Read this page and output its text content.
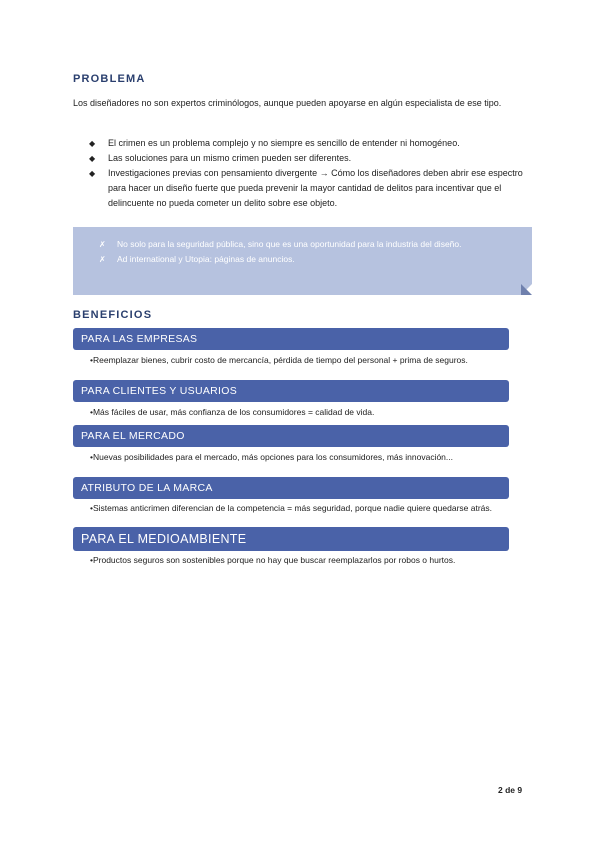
PROBLEMA
Los diseñadores no son expertos criminólogos, aunque pueden apoyarse en algún especialista de ese tipo.
◆ El crimen es un problema complejo y no siempre es sencillo de entender ni homogéneo.
◆ Las soluciones para un mismo crimen pueden ser diferentes.
◆ Investigaciones previas con pensamiento divergente → Cómo los diseñadores deben abrir ese espectro para hacer un diseño fuerte que pueda prevenir la mayor cantidad de delitos para incentivar que el delincuente no pueda cometer un delito sobre ese objeto.
✗ No solo para la seguridad pública, sino que es una oportunidad para la industria del diseño.
✗ Ad international y Utopia: páginas de anuncios.
BENEFICIOS
PARA LAS EMPRESAS
•Reemplazar bienes, cubrir costo de mercancía, pérdida de tiempo del personal + prima de seguros.
PARA CLIENTES Y USUARIOS
•Más fáciles de usar, más confianza de los consumidores = calidad de vida.
PARA EL MERCADO
•Nuevas posibilidades para el mercado, más opciones para los consumidores, más innovación...
ATRIBUTO DE LA MARCA
•Sistemas anticrimen diferencian de la competencia = más seguridad, porque nadie quiere quedarse atrás.
PARA EL MEDIOAMBIENTE
•Productos seguros son sostenibles porque no hay que buscar reemplazarlos por robos o hurtos.
2 de 9
